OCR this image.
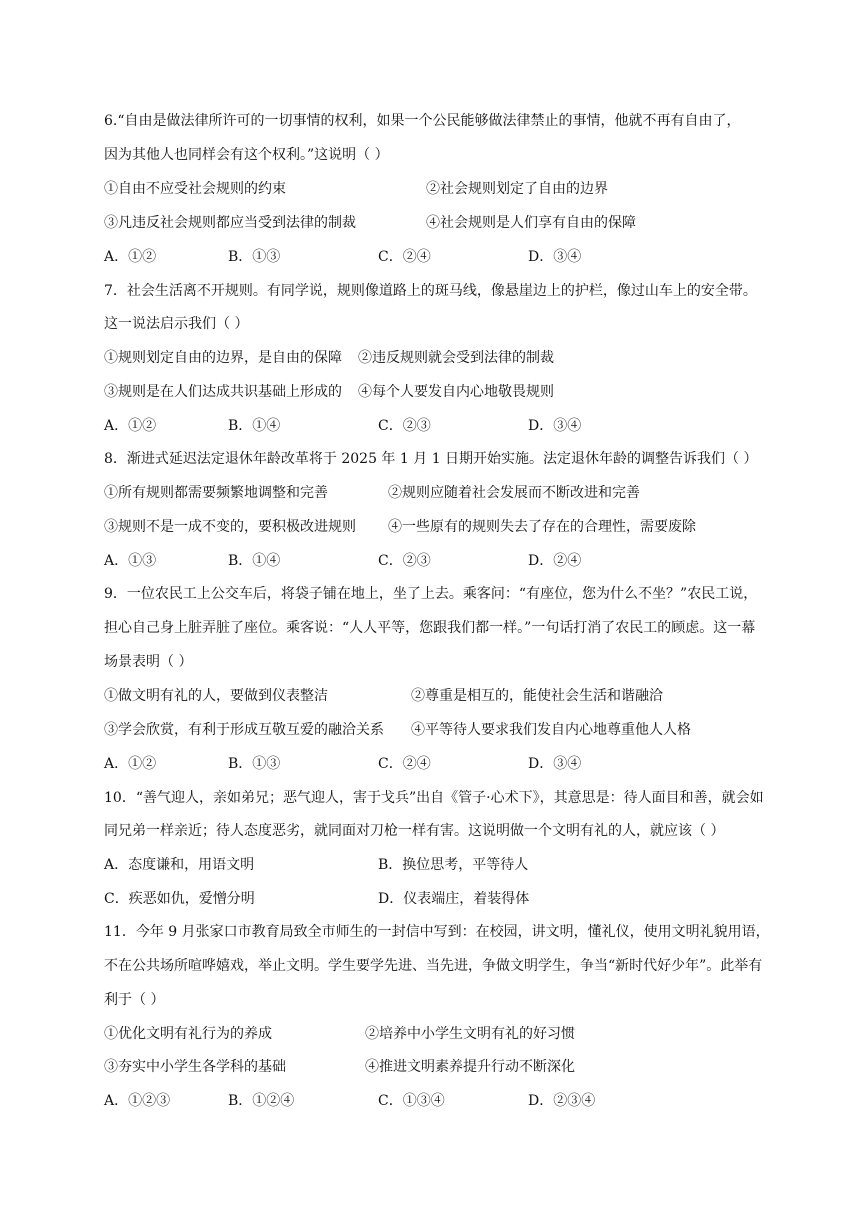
6.“自由是做法律所许可的一切事情的权利，如果一个公民能够做法律禁止的事情，他就不再有自由了，
因为其他人也同样会有这个权利。”这说明（ ）
①自由不应受社会规则的约束	②社会规则划定了自由的边界
③凡违反社会规则都应当受到法律的制裁	④社会规则是人们享有自由的保障
A．①②	B．①③	C．②④	D．③④
7．社会生活离不开规则。有同学说，规则像道路上的斑马线，像悬崖边上的护栏，像过山车上的安全带。
这一说法启示我们（ ）
①规则划定自由的边界，是自由的保障 ②违反规则就会受到法律的制裁
③规则是在人们达成共识基础上形成的 ④每个人要发自内心地敬畏规则
A．①②	B．①④	C．②③	D．③④
8．渐进式延迟法定退休年龄改革将于 2025 年 1 月 1 日期开始实施。法定退休年龄的调整告诉我们（ ）
①所有规则都需要频繁地调整和完善	②规则应随着社会发展而不断改进和完善
③规则不是一成不变的，要积极改进规则 ④一些原有的规则失去了存在的合理性，需要废除
A．①③	B．①④	C．②③	D．②④
9．一位农民工上公交车后，将袋子铺在地上，坐了上去。乘客问：“有座位，您为什么不坐？”农民工说，
担心自己身上脏弄脏了座位。乘客说：“人人平等，您跟我们都一样。”一句话打消了农民工的顾虑。这一幕
场景表明（ ）
①做文明有礼的人，要做到仪表整洁	②尊重是相互的，能使社会生活和谐融洽
③学会欣赏，有利于形成互敬互爱的融洽关系 ④平等待人要求我们发自内心地尊重他人人格
A．①②	B．①③	C．②④	D．③④
10．“善气迎人，亲如弟兄；恶气迎人，害于戈兵”出自《管子·心术下》，其意思是：待人面目和善，就会如
同兄弟一样亲近；待人态度恶劣，就同面对刀枪一样有害。这说明做一个文明有礼的人，就应该（ ）
A．态度谦和，用语文明	B．换位思考，平等待人
C．疾恶如仇，爱憎分明	D．仪表端庄，着装得体
11．今年 9 月张家口市教育局致全市师生的一封信中写到：在校园，讲文明，懂礼仪，使用文明礼貌用语，
不在公共场所喧哗嬉戏，举止文明。学生要学先进、当先进，争做文明学生，争当“新时代好少年”。此举有
利于（ ）
①优化文明有礼行为的养成	②培养中小学生文明有礼的好习惯
③夯实中小学生各学科的基础	④推进文明素养提升行动不断深化
A．①②③	B．①②④	C．①③④	D．②③④
